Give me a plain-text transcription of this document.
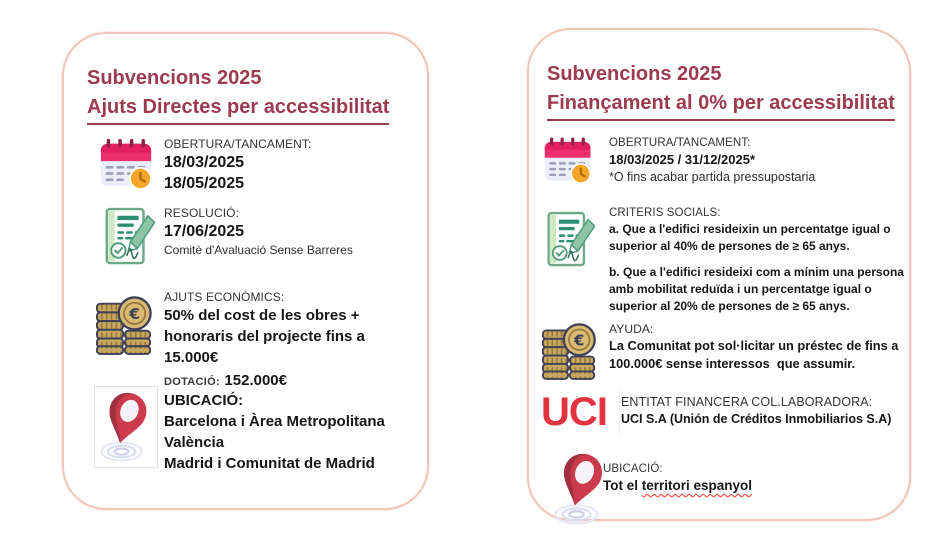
Subvencions 2025
Ajuts Directes per accessibilitat
OBERTURA/TANCAMENT:
18/03/2025
18/05/2025
RESOLUCIÓ:
17/06/2025
Comitè d'Avaluació Sense Barreres
€
AJUTS ECONÒMICS:
50% del cost de les obres + honoraris del projecte fins a 15.000€
DOTACIÓ: 152.000€
UBICACIÓ:
Barcelona i Àrea Metropolitana
València
Madrid i Comunitat de Madrid
Subvencions 2025
Finançament al 0% per accessibilitat
OBERTURA/TANCAMENT:
18/03/2025 / 31/12/2025*
*O fins acabar partida pressupostaria
CRITERIS SOCIALS:
a. Que a l'edifici resideixin un percentatge igual o superior al 40% de persones de ≥ 65 anys.
b. Que a l'edifici resideixi com a mínim una persona amb mobilitat reduïda i un percentatge igual o superior al 20% de persones de ≥ 65 anys.
€
AYUDA:
La Comunitat pot sol·licitar un préstec de fins a 100.000€ sense interessos  que assumir.
UCI	ENTITAT FINANCERA COL.LABORADORA:
UCI S.A (Unión de Créditos Inmobiliarios S.A)
UBICACIÓ:
Tot el territori espanyol
